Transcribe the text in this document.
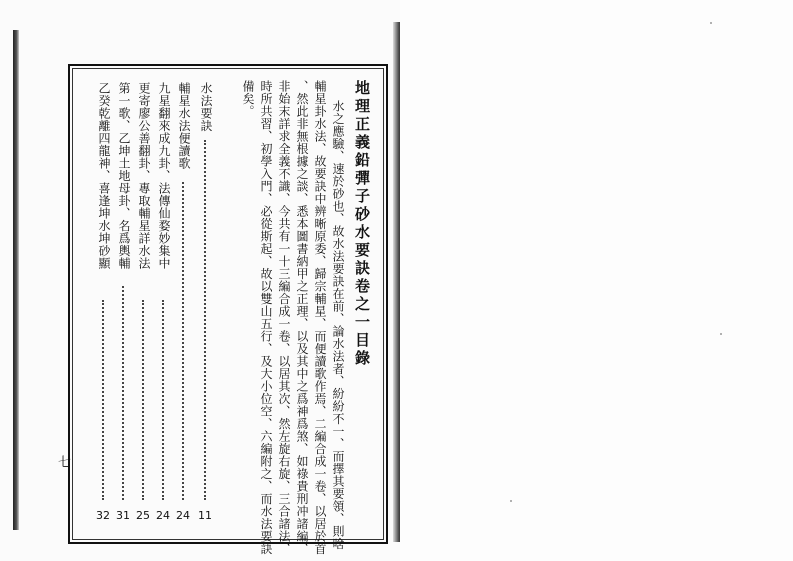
地理正義鉛彈子砂水要訣卷之一目錄
水之應驗、速於砂也、故水法要訣在前、論水法者、紛紛不一、而擇其要領、則啥
輔星卦水法、故要訣中辨晰原委、歸宗輔星、而便讀歌作焉、二編合成一卷、以居於首
、然此非無根據之談、悉本圖書納甲之正理、以及其中之爲神爲煞、如祿貴刑冲諸編、
非始末詳求全義不識、今共有一十三編合成一卷、以居其次、然左旋右旋、三合諸法、
時所共習、初學入門、必從斯起、故以雙山五行、及大小位空、六編附之、而水法要訣
備矣。
水法要訣
11
輔星水法便讀歌
24
九星翻來成九卦、法傳仙婺妙集中
24
更寄廖公善翻卦、專取輔星詳水法
25
第一歌、乙坤土地母卦、名爲輿輔
31
乙癸乾離四龍神、喜逢坤水坤砂顯
32
七
